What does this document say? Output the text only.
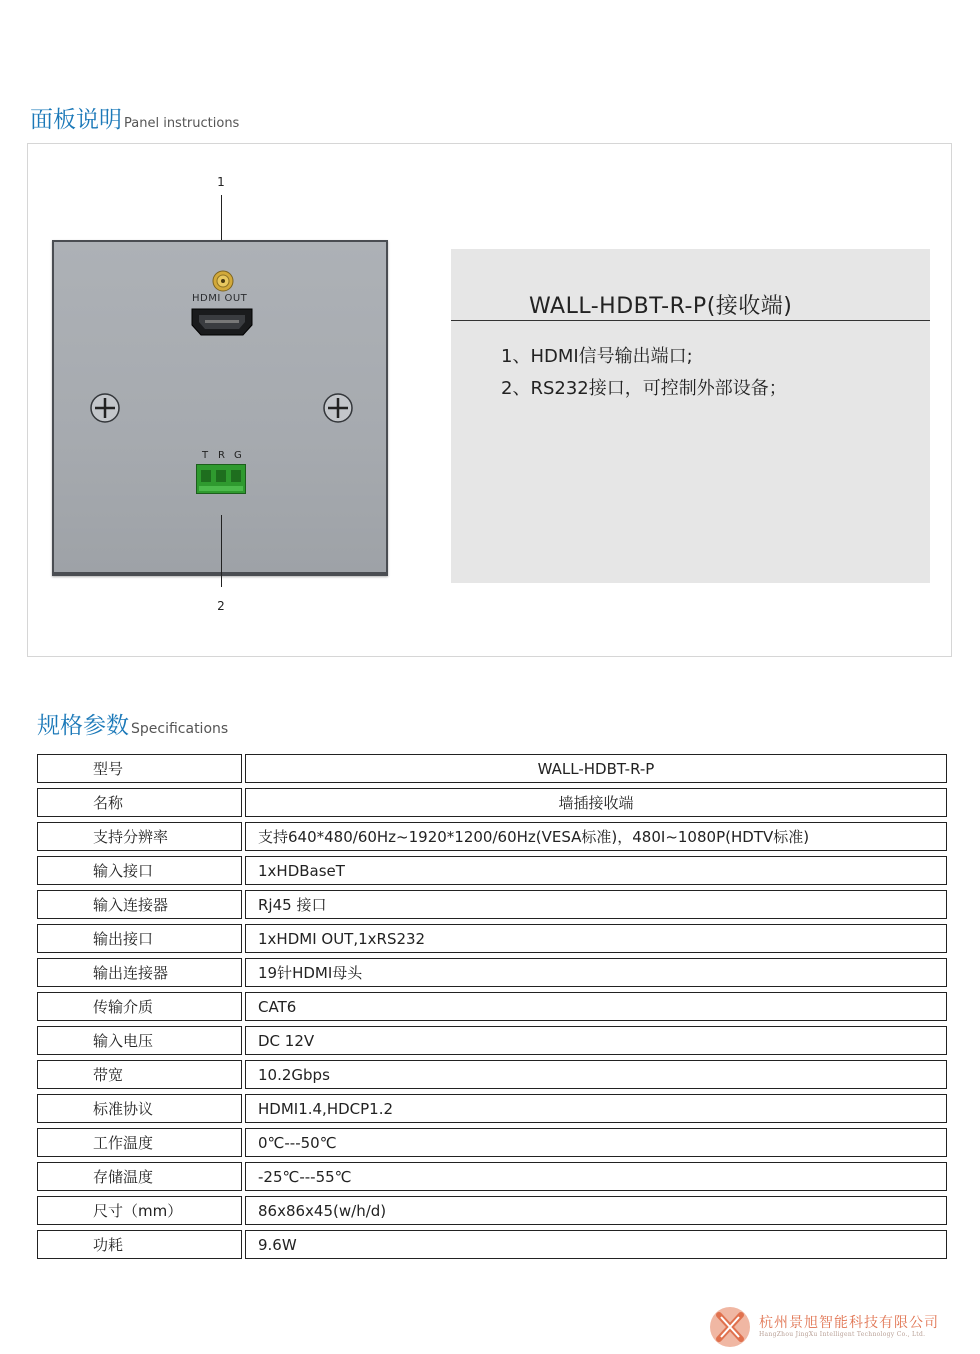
面板说明 Panel instructions
1
HDMI OUT
T R G
2
WALL-HDBT-R-P(接收端)
1、HDMI信号输出端口;
2、RS232接口，可控制外部设备；
规格参数 Specifications
型号		WALL-HDBT-R-P
名称		墙插接收端
支持分辨率		支持640*480/60Hz~1920*1200/60Hz(VESA标准)，480I~1080P(HDTV标准)
输入接口		1xHDBaseT
输入连接器		Rj45 接口
输出接口		1xHDMI OUT,1xRS232
输出连接器		19针HDMI母头
传输介质		CAT6
输入电压		DC 12V
带宽		10.2Gbps
标准协议		HDMI1.4,HDCP1.2
工作温度		0℃---50℃
存储温度		-25℃---55℃
尺寸（mm）		86x86x45(w/h/d)
功耗		9.6W
杭州景旭智能科技有限公司
HangZhou JingXu Intelligent Technology Co., Ltd.
